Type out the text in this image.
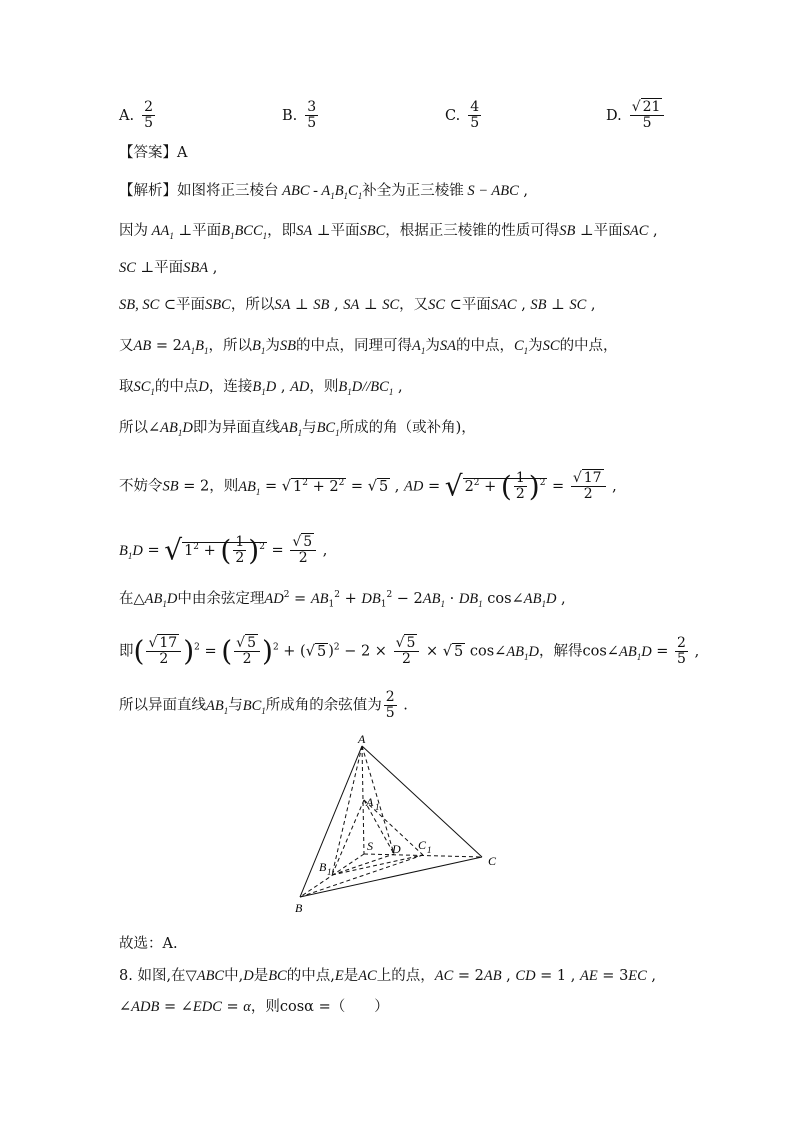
A. $\frac{2}{5}$	B. $\frac{3}{5}$	C. $\frac{4}{5}$	D. $\frac{√ 21}{5}$
【答案】A
【解析】如图将正三棱台 ABC - $A_1B_1C_1$补全为正三棱锥 S − ABC ,
因为 $AA_1$ ⊥平面$B_1BCC_1$，即SA ⊥平面SBC，根据正三棱锥的性质可得SB ⊥平面SAC ,
SC ⊥平面SBA ,
SB, SC ⊂平面SBC，所以SA ⊥ SB , SA ⊥ SC，又SC ⊂平面SAC , SB ⊥ SC ,
又AB = $2A_1B_1$，所以$B_1$为SB的中点，同理可得$A_1$为SA的中点，$C_1$为SC的中点，
取$SC_1$的中点D，连接$B_1D$ , AD，则$B_1D//BC_1$ ,
所以$\angle AB_1D$即为异面直线$AB_1$与$BC_1$所成的角（或补角)，
不妨令SB = 2，则$AB_1$ = √ $1^2 + 2^2$ = √ 5 , AD = √ $2^2$ + ( $\frac{1}{2} )^2 = \frac{√ 17}{2}$ ,
$B_1D$ = √ $1^2$ + ( $\frac{1}{2} )^2 = \frac{√ 5}{2}$ ,
在$\triangle AB_1D$中由余弦定理$AD^2 = AB_1^2 + DB_1^2 - 2AB_1 \cdot DB_1$ $\cos\angle AB_1D$ ,
即( $\frac{√ 17}{2} )^2$ = ( $\frac{√ 5}{2} )^2$ + (√ 5 )$^2 - 2 \times \frac{√ 5}{2}$ × √ 5 $\cos\angle AB_1D$，解得$\cos\angle AB_1D = \frac{2}{5}$ ,
所以异面直线$AB_1$与$BC_1$所成角的余弦值为 $\frac{2}{5}$ .
A
A 1
S D C 1
C
B 1
B
故选：A.
8. 如图,在▽ABC中,D是BC的中点,E是AC上的点，AC = 2AB , CD = 1 , AE = 3EC ,
∠ADB = ∠EDC = α，则cosα =（　　）
